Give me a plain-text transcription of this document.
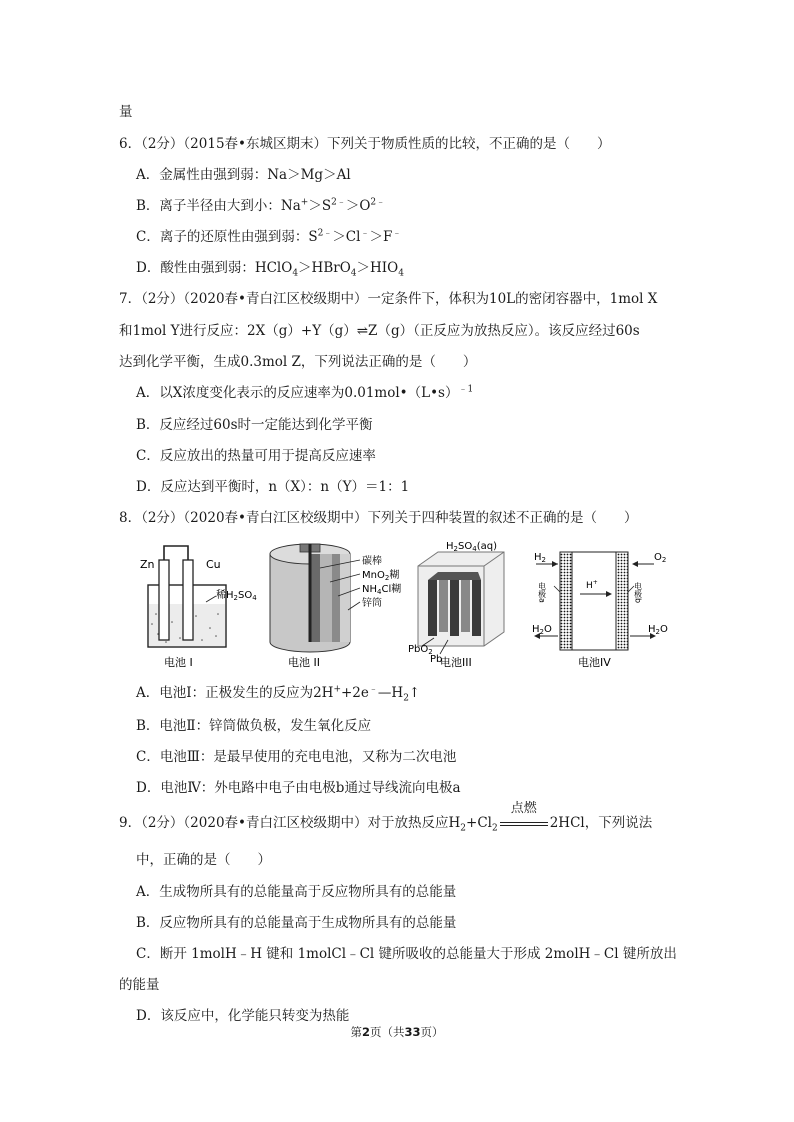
量
6．（2分）（2015春•东城区期末）下列关于物质性质的比较，不正确的是（　　）
A．金属性由强到弱：Na＞Mg＞Al
B．离子半径由大到小：$Na^+>S^{2﹣}>O^{2﹣}$
C．离子的还原性由强到弱：$S^{2﹣}>Cl^﹣>F^﹣$
D．酸性由强到弱：$HClO_4>HBrO_4>HIO_4$
7．（2分）（2020春•青白江区校级期中）一定条件下，体积为10L的密闭容器中，1mol X
和1mol Y进行反应：2X（g）+Y（g）⇌Z（g）（正反应为放热反应）。该反应经过60s
达到化学平衡，生成0.3mol Z，下列说法正确的是（　　）
A．以X浓度变化表示的反应速率为0.01mol•（L•s）$^{﹣1}$
B．反应经过60s时一定能达到化学平衡
C．反应放出的热量可用于提高反应速率
D．反应达到平衡时，n（X）：n（Y）＝1：1
8．（2分）（2020春•青白江区校级期中）下列关于四种装置的叙述不正确的是（　　）
Zn	Cu
稀$H_2SO_4$
电池 I
碳棒
MnO$_2$糊
$NH_4Cl$糊
锌筒
电池 II
$H_2SO_4(aq)$
PbO$_2$
Pb
电池III
$H_2$	$O_2$
H+
电极a	电极b
$H_2O$	$H_2O$
电池IV
A．电池Ⅰ：正极发生的反应为$2H^++2e^﹣—H_2↑$
B．电池Ⅱ：锌筒做负极，发生氧化反应
C．电池Ⅲ：是最早使用的充电电池，又称为二次电池
D．电池Ⅳ：外电路中电子由电极b通过导线流向电极a
9．（2分）（2020春•青白江区校级期中）对于放热反应$H_2+Cl_2$
点燃
2HCl，下列说法
中，正确的是（　　）
A．生成物所具有的总能量高于反应物所具有的总能量
B．反应物所具有的总能量高于生成物所具有的总能量
C．断开 1molH﹣H 键和 1molCl﹣Cl 键所吸收的总能量大于形成 2molH﹣Cl 键所放出
的能量
D．该反应中，化学能只转变为热能
第2页（共33页）
